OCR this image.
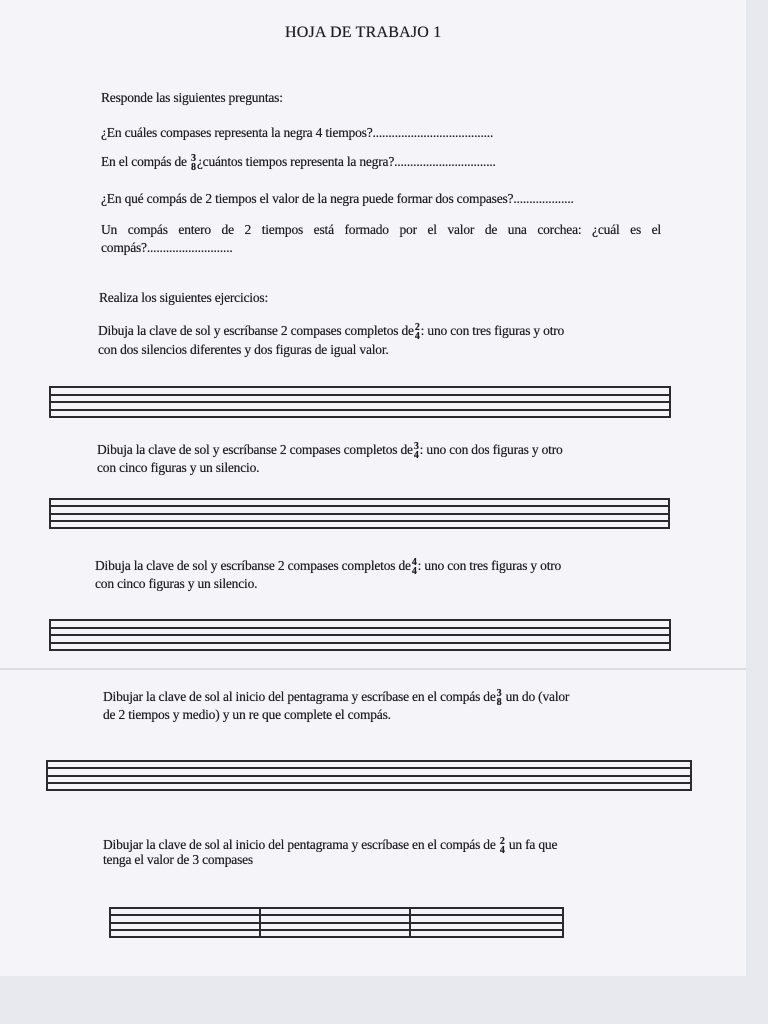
HOJA DE TRABAJO 1
Responde las siguientes preguntas:
¿En cuáles compases representa la negra 4 tiempos?......................................
En el compás de 3
8 ¿cuántos tiempos representa la negra?................................
¿En qué compás de 2 tiempos el valor de la negra puede formar dos compases?...................
Un compás entero de 2 tiempos está formado por el valor de una corchea: ¿cuál es el
compás?...........................
Realiza los siguientes ejercicios:
Dibuja la clave de sol y escríbanse 2 compases completos de 2
4 : uno con tres figuras y otro
con dos silencios diferentes y dos figuras de igual valor.
Dibuja la clave de sol y escríbanse 2 compases completos de 3
4 : uno con dos figuras y otro
con cinco figuras y un silencio.
Dibuja la clave de sol y escríbanse 2 compases completos de 4
4 : uno con tres figuras y otro
con cinco figuras y un silencio.
Dibujar la clave de sol al inicio del pentagrama y escríbase en el compás de 3
8 un do (valor
de 2 tiempos y medio) y un re que complete el compás.
Dibujar la clave de sol al inicio del pentagrama y escríbase en el compás de 2
4 un fa que
tenga el valor de 3 compases
